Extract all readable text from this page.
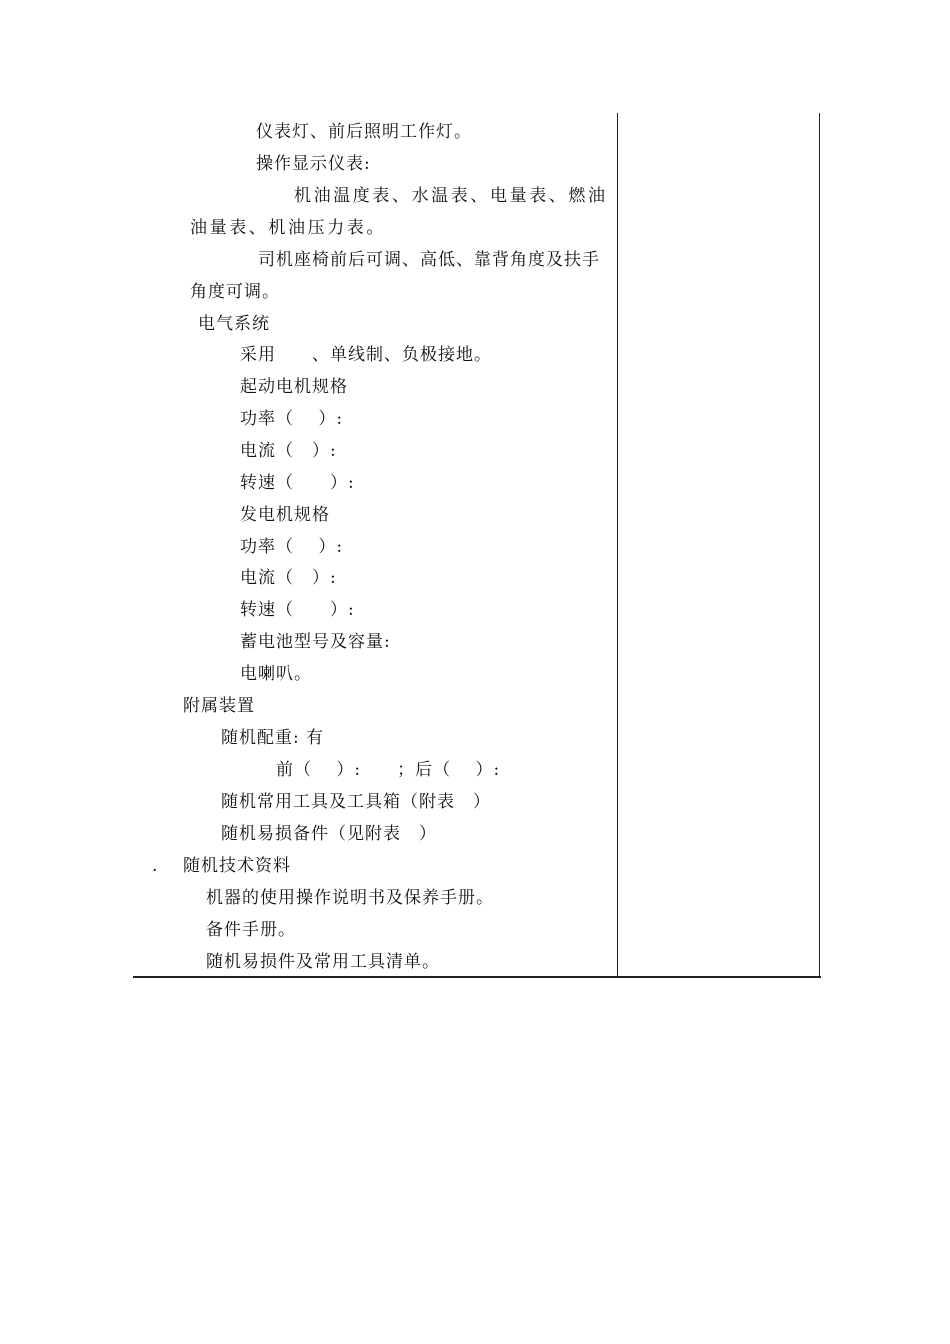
仪表灯、前后照明工作灯。
操作显示仪表:
机油温度表、水温表、电量表、燃油
油量表、机油压力表。
司机座椅前后可调、高低、靠背角度及扶手
角度可调。
电气系统
采用　　、单线制、负极接地。
起动电机规格
功率（　 ）:
电流（　）:
转速（　　）:
发电机规格
功率（　 ）:
电流（　）:
转速（　　）:
蓄电池型号及容量:
电喇叭。
附属装置
随机配重: 有
前（　 ）:　　；后（　 ）:
随机常用工具及工具箱（附表　）
随机易损备件（见附表　）
. 随机技术资料
机器的使用操作说明书及保养手册。
备件手册。
随机易损件及常用工具清单。
